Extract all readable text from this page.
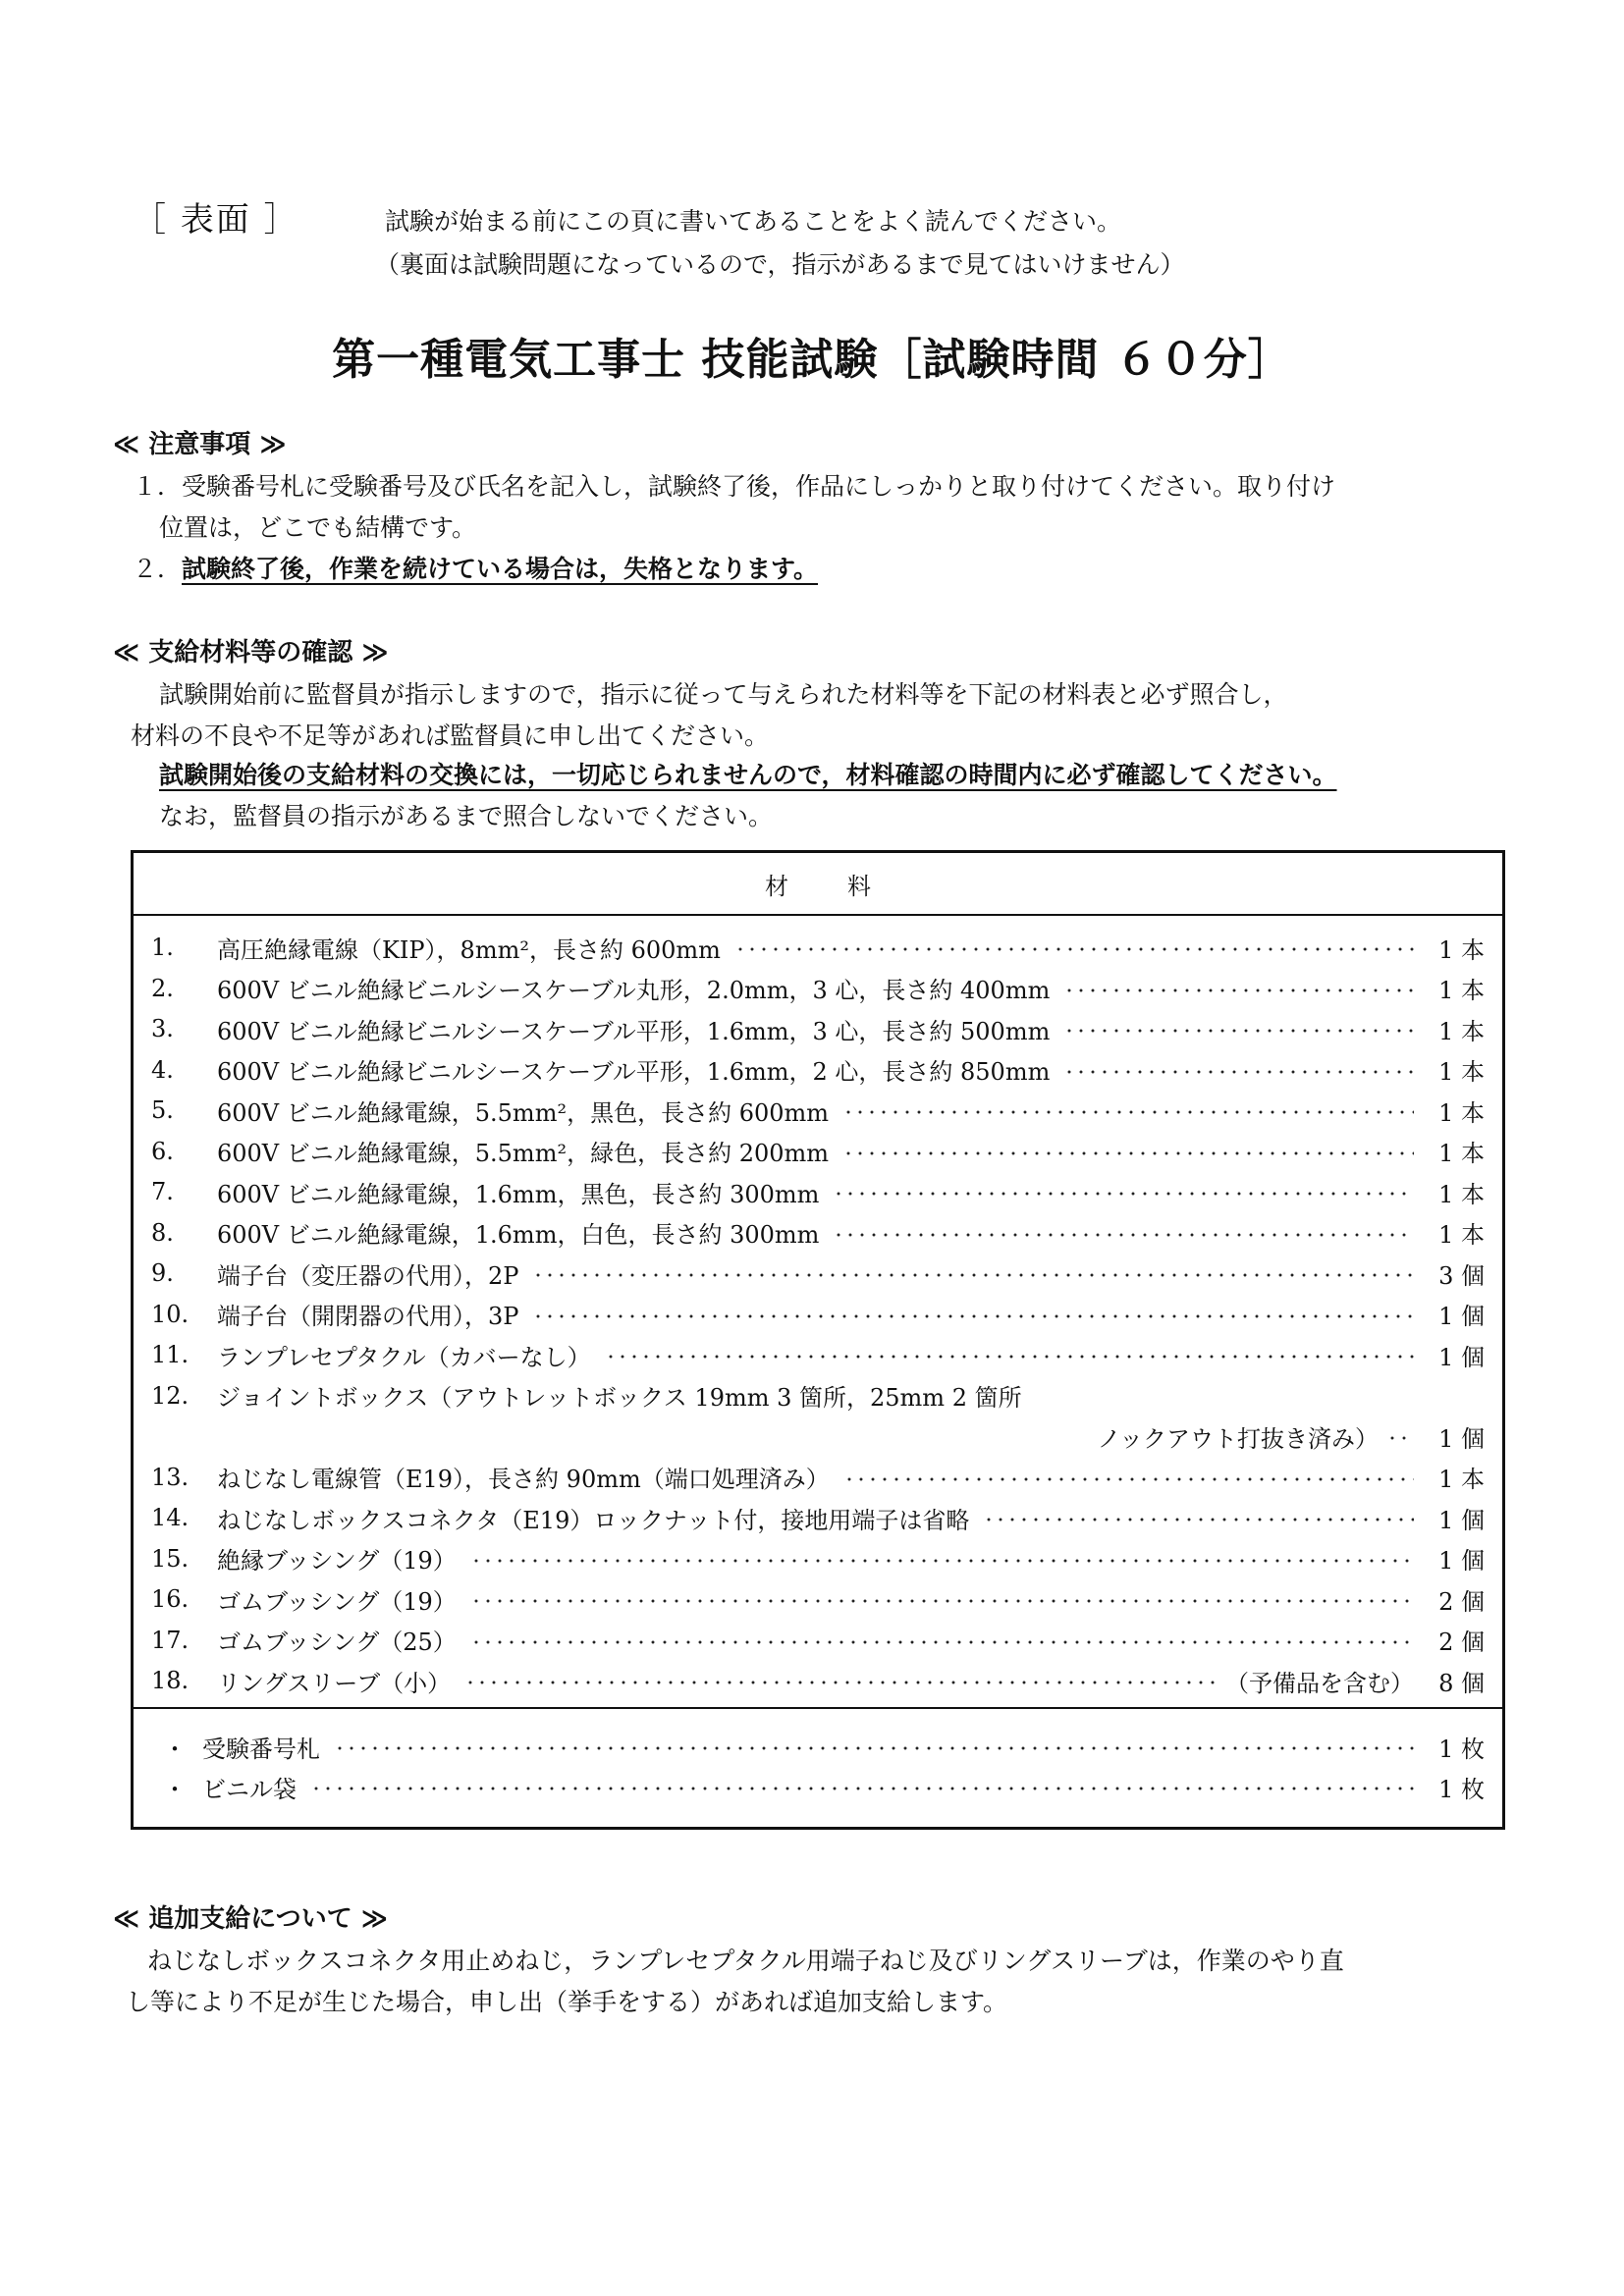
［ 表面 ］	試験が始まる前にこの頁に書いてあることをよく読んでください。
（裏面は試験問題になっているので，指示があるまで見てはいけません）
第一種電気工事士 技能試験［試験時間 ６０分］
≪ 注意事項 ≫
１．受験番号札に受験番号及び氏名を記入し，試験終了後，作品にしっかりと取り付けてください。取り付け
位置は，どこでも結構です。
２．試験終了後，作業を続けている場合は，失格となります。
≪ 支給材料等の確認 ≫
試験開始前に監督員が指示しますので，指示に従って与えられた材料等を下記の材料表と必ず照合し，
材料の不良や不足等があれば監督員に申し出てください。
試験開始後の支給材料の交換には，一切応じられませんので，材料確認の時間内に必ず確認してください。
なお，監督員の指示があるまで照合しないでください。
材料
1.	高圧絶縁電線（KIP），8mm²，長さ約 600mm	1 本
2.	600V ビニル絶縁ビニルシースケーブル丸形，2.0mm，3 心，長さ約 400mm	1 本
3.	600V ビニル絶縁ビニルシースケーブル平形，1.6mm，3 心，長さ約 500mm	1 本
4.	600V ビニル絶縁ビニルシースケーブル平形，1.6mm，2 心，長さ約 850mm	1 本
5.	600V ビニル絶縁電線，5.5mm²，黒色，長さ約 600mm	1 本
6.	600V ビニル絶縁電線，5.5mm²，緑色，長さ約 200mm	1 本
7.	600V ビニル絶縁電線，1.6mm，黒色，長さ約 300mm	1 本
8.	600V ビニル絶縁電線，1.6mm，白色，長さ約 300mm	1 本
9.	端子台（変圧器の代用），2P	3 個
10.	端子台（開閉器の代用），3P	1 個
11.	ランプレセプタクル（カバーなし）	1 個
12.	ジョイントボックス（アウトレットボックス 19mm 3 箇所，25mm 2 箇所
ノックアウト打抜き済み）	1 個
13.	ねじなし電線管（E19），長さ約 90mm（端口処理済み）	1 本
14.	ねじなしボックスコネクタ（E19）ロックナット付，接地用端子は省略	1 個
15.	絶縁ブッシング（19）	1 個
16.	ゴムブッシング（19）	2 個
17.	ゴムブッシング（25）	2 個
18.	リングスリーブ（小）	（予備品を含む）	8 個
・ 受験番号札	1 枚
・ ビニル袋	1 枚
≪ 追加支給について ≫
ねじなしボックスコネクタ用止めねじ，ランプレセプタクル用端子ねじ及びリングスリーブは，作業のやり直
し等により不足が生じた場合，申し出（挙手をする）があれば追加支給します。
